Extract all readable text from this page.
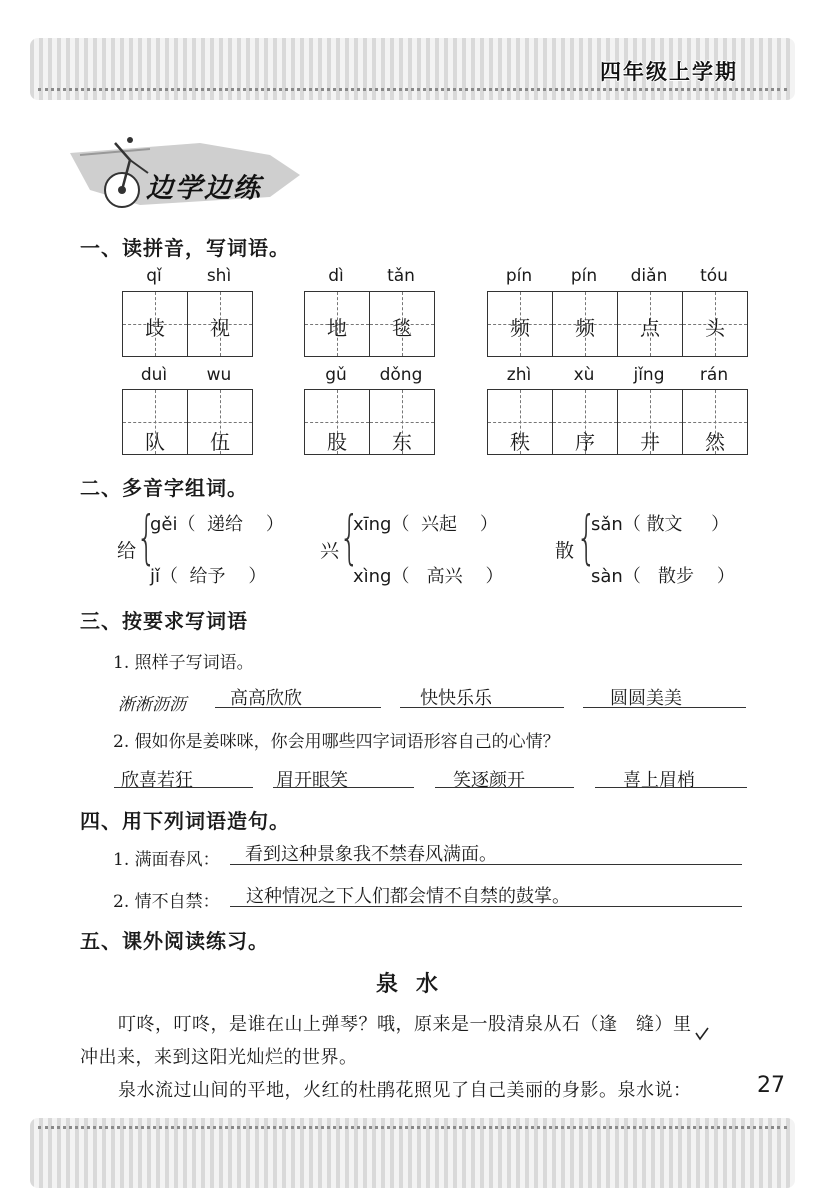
四年级上学期
边学边练
一、读拼音，写词语。
qǐ	shì
歧	视
dì	tǎn
地	毯
pín	pín	diǎn	tóu
频	频	点	头
duì	wu
队	伍
gǔ	dǒng
股	东
zhì	xù	jǐng	rán
秩	序	井	然
二、多音字组词。
给 {
gěi（  递给    ）
jǐ（  给予    ）
兴 {
xīng（  兴起    ）
xìng（   高兴    ）
散 {
sǎn（ 散文     ）
sàn（   散步    ）
三、按要求写词语
1. 照样子写词语。
淅淅沥沥 高高欣欣	快快乐乐	圆圆美美
2. 假如你是姜咪咪，你会用哪些四字词语形容自己的心情？
欣喜若狂	眉开眼笑	笑逐颜开	喜上眉梢
四、用下列词语造句。
1. 满面春风： 看到这种景象我不禁春风满面。
2. 情不自禁： 这种情况之下人们都会情不自禁的鼓掌。
五、课外阅读练习。
泉水
叮咚，叮咚，是谁在山上弹琴？哦，原来是一股清泉从石（逢　缝）里
冲出来，来到这阳光灿烂的世界。
泉水流过山间的平地，火红的杜鹃花照见了自己美丽的身影。泉水说：	27
